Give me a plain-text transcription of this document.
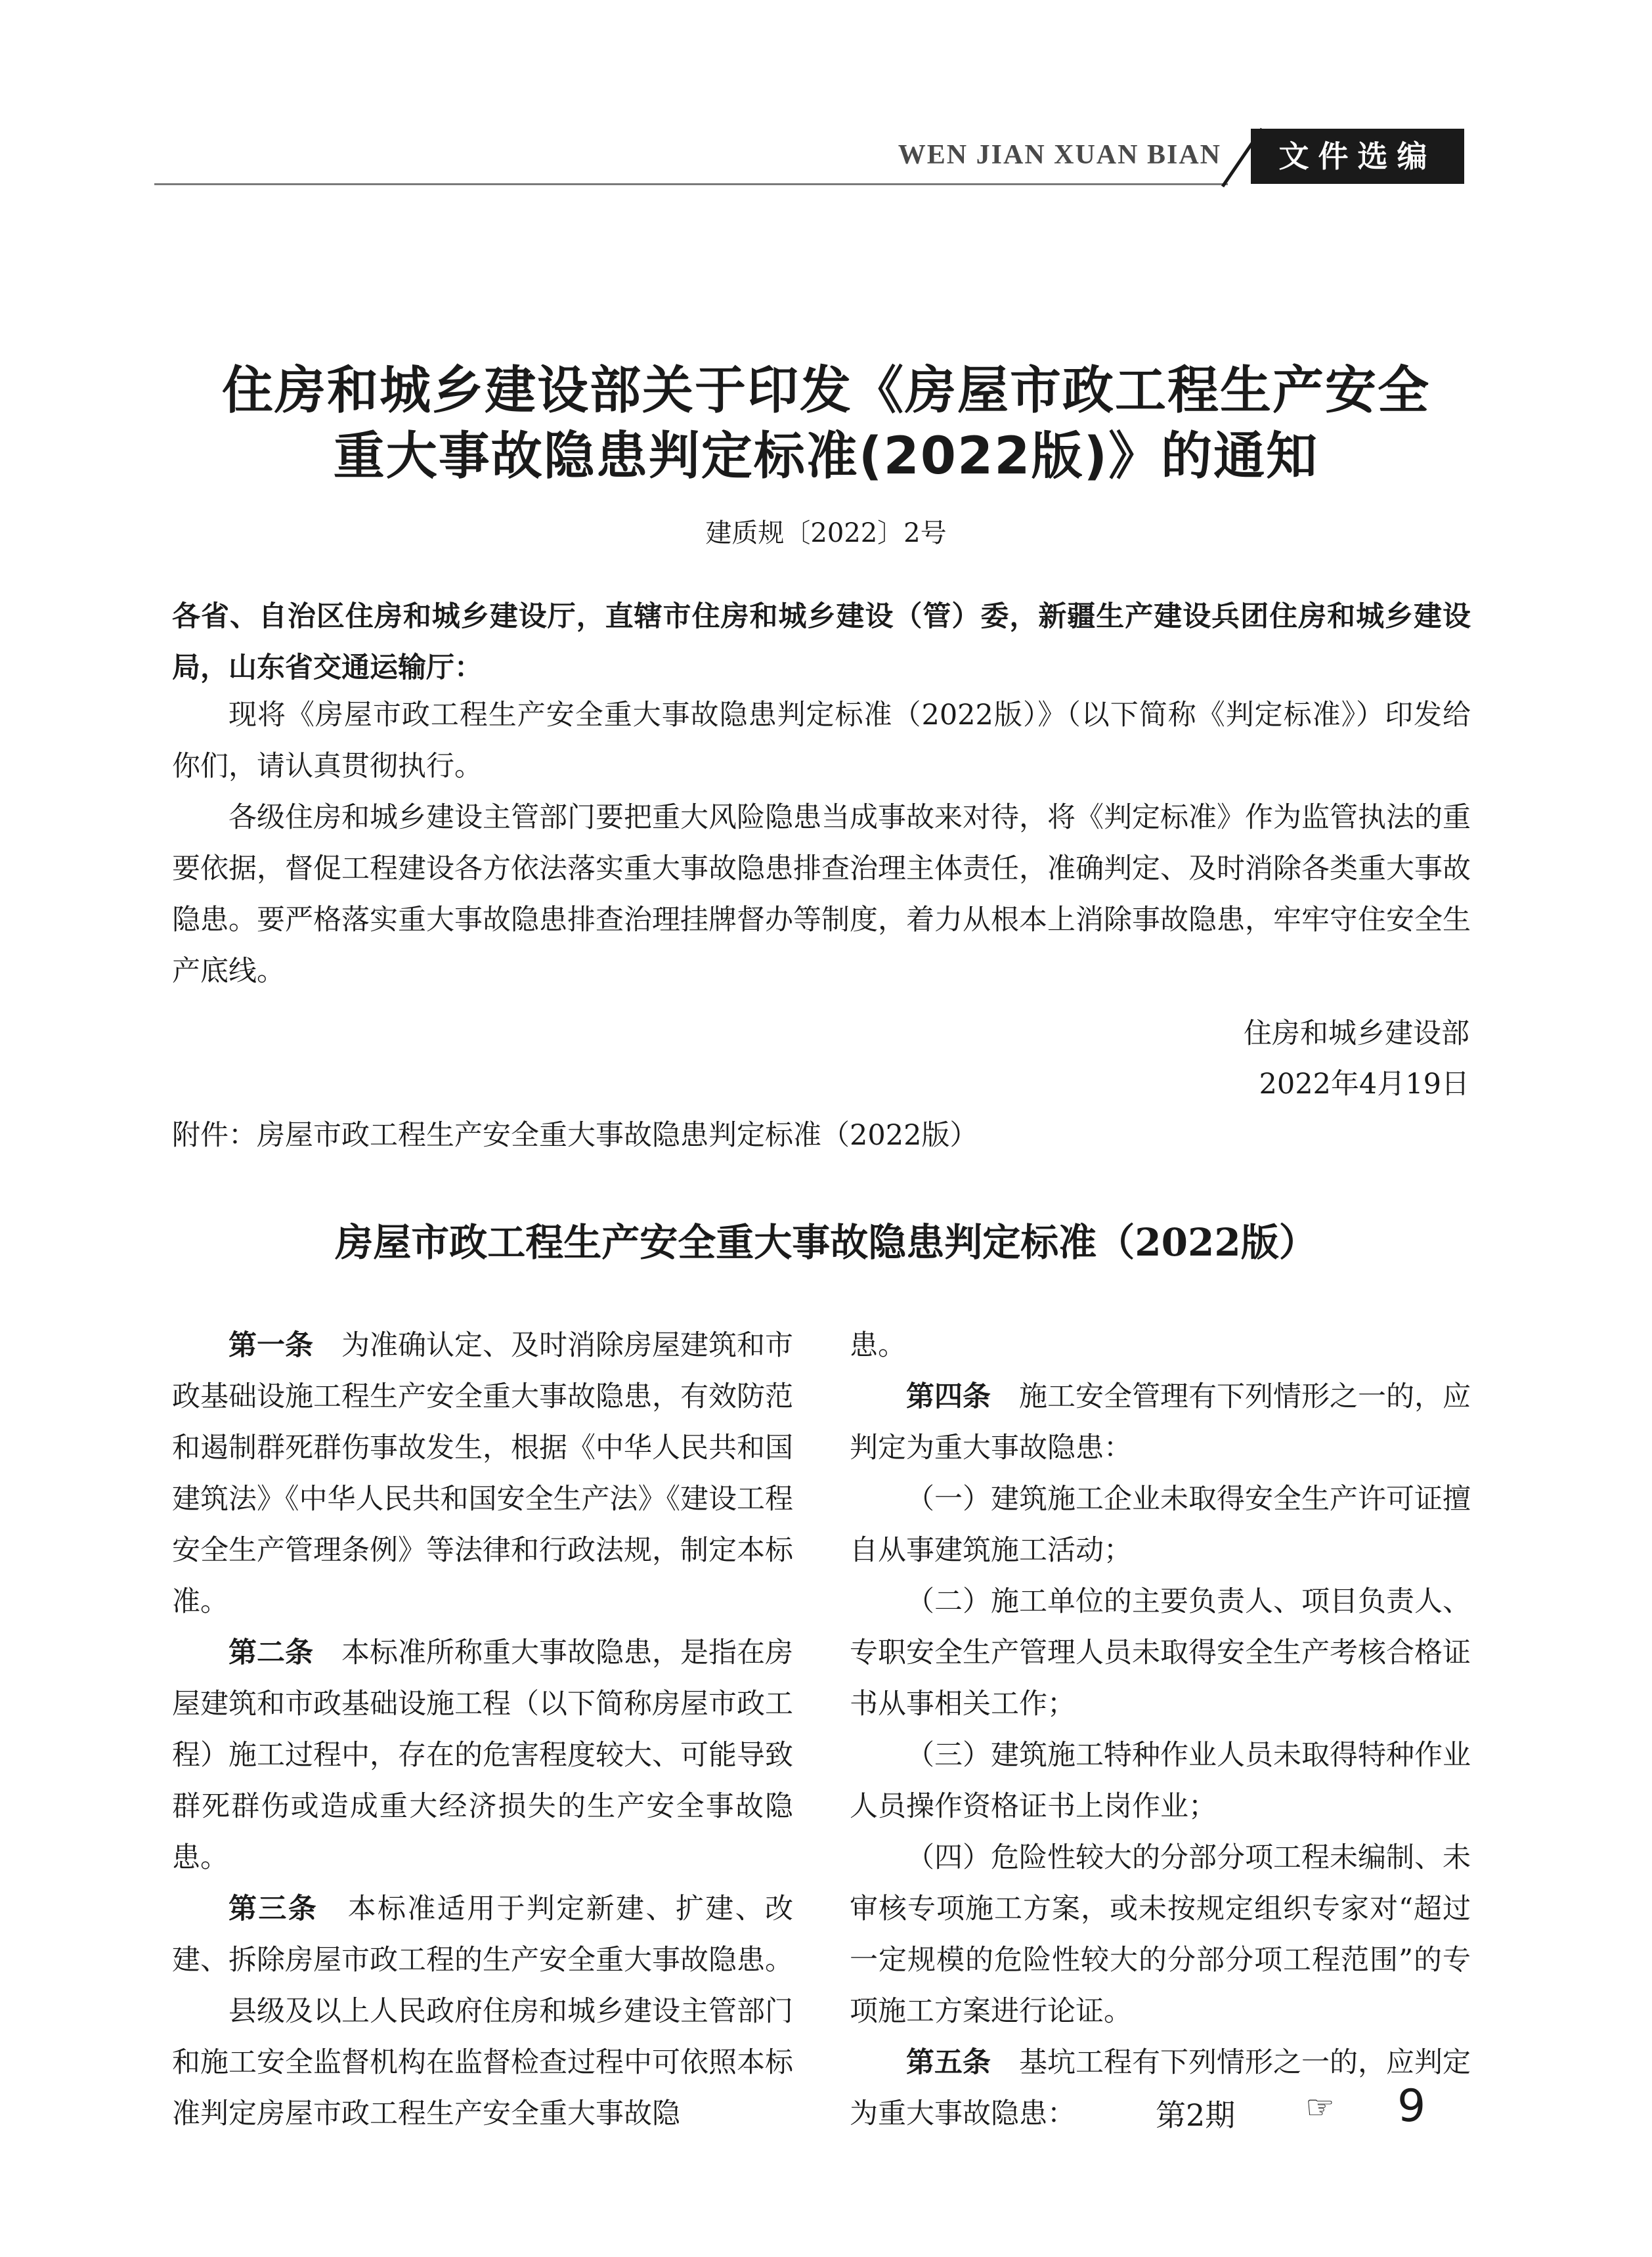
WEN JIAN XUAN BIAN	文件选编
住房和城乡建设部关于印发《房屋市政工程生产安全
重大事故隐患判定标准(2022版)》的通知
建质规〔2022〕2号
各省、自治区住房和城乡建设厅，直辖市住房和城乡建设（管）委，新疆生产建设兵团住房和城乡建设局，山东省交通运输厅：

现将《房屋市政工程生产安全重大事故隐患判定标准（2022版）》（以下简称《判定标准》）印发给你们，请认真贯彻执行。

各级住房和城乡建设主管部门要把重大风险隐患当成事故来对待，将《判定标准》作为监管执法的重要依据，督促工程建设各方依法落实重大事故隐患排查治理主体责任，准确判定、及时消除各类重大事故隐患。要严格落实重大事故隐患排查治理挂牌督办等制度，着力从根本上消除事故隐患，牢牢守住安全生产底线。

住房和城乡建设部
2022年4月19日
附件：房屋市政工程生产安全重大事故隐患判定标准（2022版）
房屋市政工程生产安全重大事故隐患判定标准（2022版）

第一条　 为准确认定、及时消除房屋建筑和市政基础设施工程生产安全重大事故隐患，有效防范和遏制群死群伤事故发生，根据《中华人民共和国建筑法》《中华人民共和国安全生产法》《建设工程安全生产管理条例》等法律和行政法规，制定本标准。

第二条　 本标准所称重大事故隐患，是指在房屋建筑和市政基础设施工程（以下简称房屋市政工程）施工过程中，存在的危害程度较大、可能导致群死群伤或造成重大经济损失的生产安全事故隐患。

第三条　 本标准适用于判定新建、扩建、改建、拆除房屋市政工程的生产安全重大事故隐患。

县级及以上人民政府住房和城乡建设主管部门和施工安全监督机构在监督检查过程中可依照本标准判定房屋市政工程生产安全重大事故隐

患。

第四条　 施工安全管理有下列情形之一的，应判定为重大事故隐患：

（一）建筑施工企业未取得安全生产许可证擅自从事建筑施工活动；

（二）施工单位的主要负责人、项目负责人、专职安全生产管理人员未取得安全生产考核合格证书从事相关工作；

（三）建筑施工特种作业人员未取得特种作业人员操作资格证书上岗作业；

（四）危险性较大的分部分项工程未编制、未审核专项施工方案，或未按规定组织专家对“超过一定规模的危险性较大的分部分项工程范围”的专项施工方案进行论证。

第五条　 基坑工程有下列情形之一的，应判定为重大事故隐患：	第2期 ☞ 9
